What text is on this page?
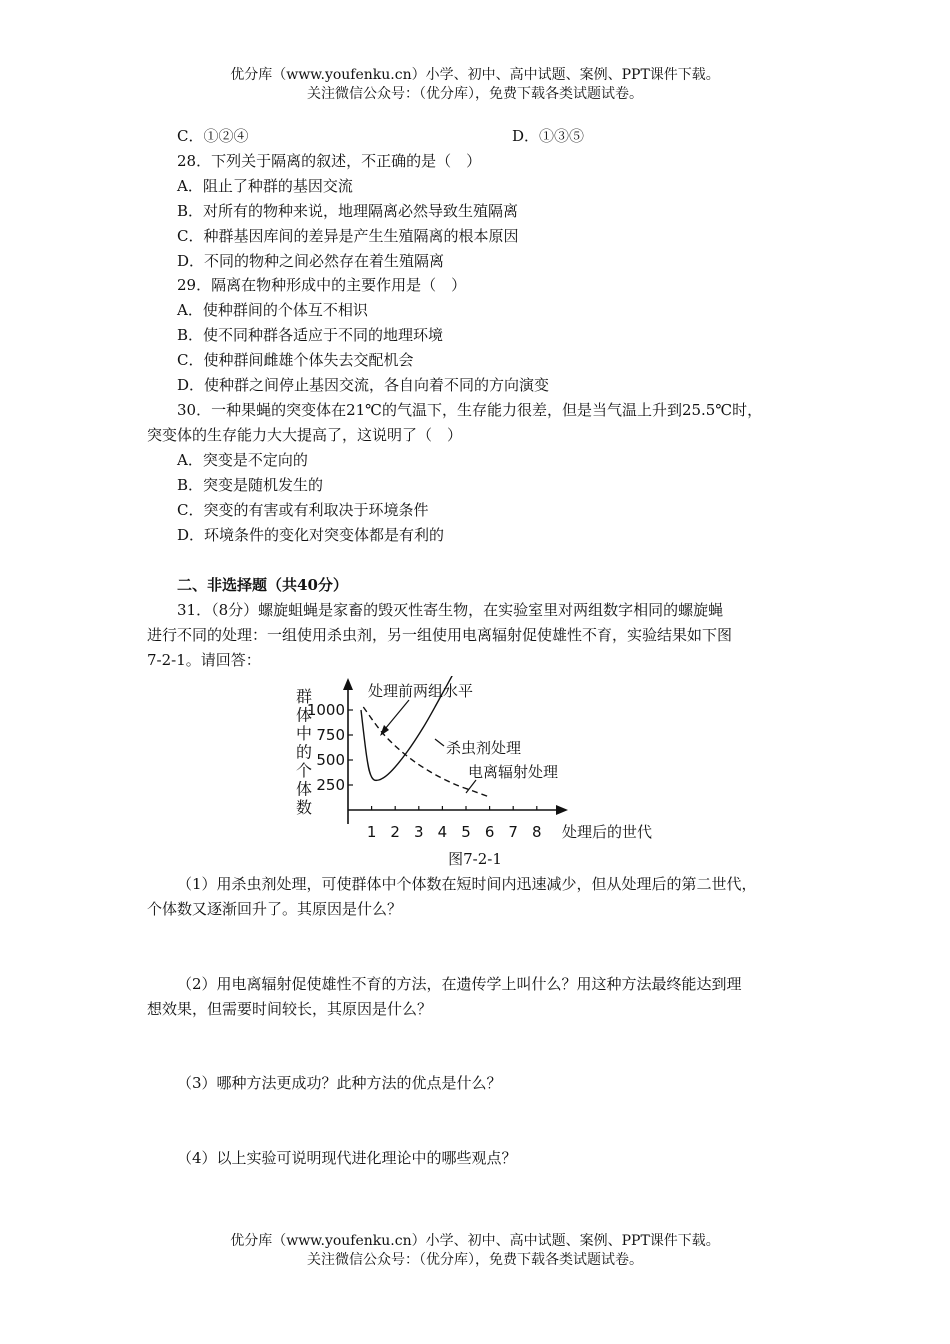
优分库（www.youfenku.cn）小学、初中、高中试题、案例、PPT课件下载。
关注微信公众号：（优分库），免费下载各类试题试卷。
C．①②④	D．①③⑤
28．下列关于隔离的叙述，不正确的是（　）
A．阻止了种群的基因交流
B．对所有的物种来说，地理隔离必然导致生殖隔离
C．种群基因库间的差异是产生生殖隔离的根本原因
D．不同的物种之间必然存在着生殖隔离
29．隔离在物种形成中的主要作用是（　）
A．使种群间的个体互不相识
B．使不同种群各适应于不同的地理环境
C．使种群间雌雄个体失去交配机会
D．使种群之间停止基因交流，各自向着不同的方向演变
30．一种果蝇的突变体在21℃的气温下，生存能力很差，但是当气温上升到25.5℃时，
突变体的生存能力大大提高了，这说明了（　）
A．突变是不定向的
B．突变是随机发生的
C．突变的有害或有利取决于环境条件
D．环境条件的变化对突变体都是有利的
二、非选择题（共40分）
31．（8分）螺旋蛆蝇是家畜的毁灭性寄生物，在实验室里对两组数字相同的螺旋蝇
进行不同的处理：一组使用杀虫剂，另一组使用电离辐射促使雄性不育，实验结果如下图
7-2-1。请回答：
群
体
中
的
个
体
数
250
500
750
1000
1 2 3 4 5 6 7 8 处理后的世代
处理前两组水平
杀虫剂处理
电离辐射处理
图7-2-1
（1）用杀虫剂处理，可使群体中个体数在短时间内迅速减少，但从处理后的第二世代，
个体数又逐渐回升了。其原因是什么？
（2）用电离辐射促使雄性不育的方法，在遗传学上叫什么？用这种方法最终能达到理
想效果，但需要时间较长，其原因是什么？
（3）哪种方法更成功？此种方法的优点是什么？
（4）以上实验可说明现代进化理论中的哪些观点？
优分库（www.youfenku.cn）小学、初中、高中试题、案例、PPT课件下载。
关注微信公众号：（优分库），免费下载各类试题试卷。
